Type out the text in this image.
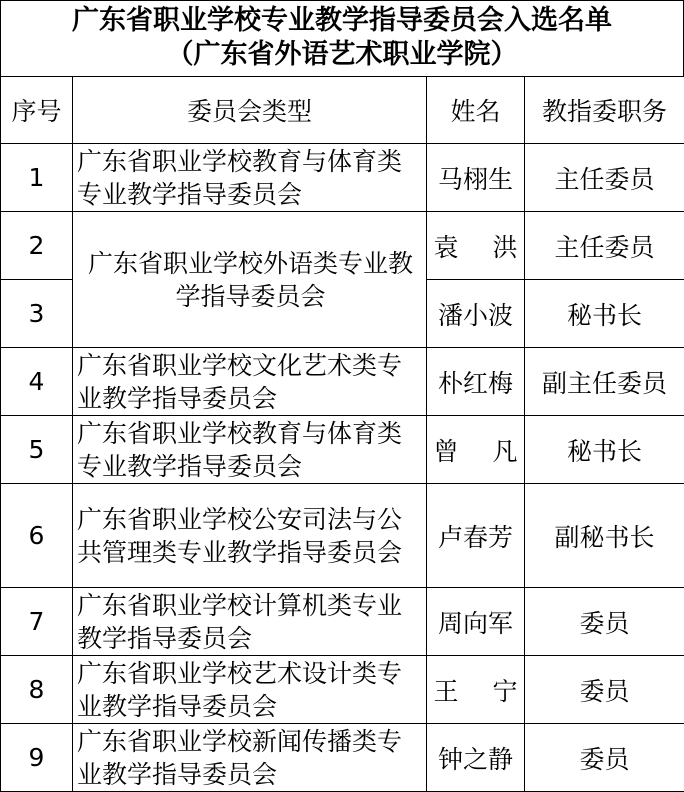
广东省职业学校专业教学指导委员会入选名单
（广东省外语艺术职业学院）
序号	委员会类型	姓名	教指委职务
1	广东省职业学校教育与体育类专业教学指导委员会	马栩生	主任委员
2	广东省职业学校外语类专业教学指导委员会	袁 洪	主任委员
3		潘小波	秘书长
4	广东省职业学校文化艺术类专业教学指导委员会	朴红梅	副主任委员
5	广东省职业学校教育与体育类专业教学指导委员会	曾 凡	秘书长
6	广东省职业学校公安司法与公共管理类专业教学指导委员会	卢春芳	副秘书长
7	广东省职业学校计算机类专业教学指导委员会	周向军	委员
8	广东省职业学校艺术设计类专业教学指导委员会	王 宁	委员
9	广东省职业学校新闻传播类专业教学指导委员会	钟之静	委员
